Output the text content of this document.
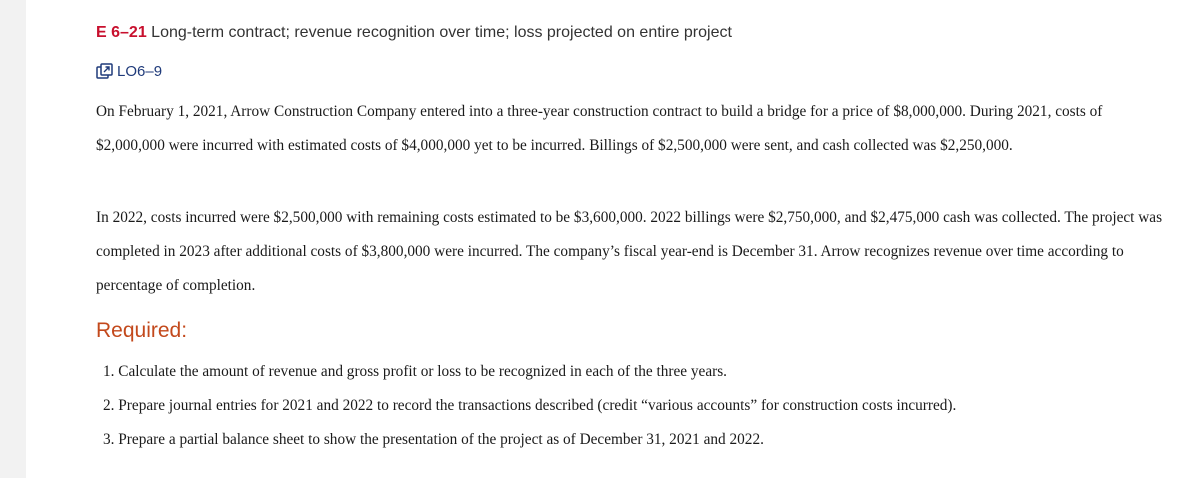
E 6–21 Long-term contract; revenue recognition over time; loss projected on entire project
LO6–9

On February 1, 2021, Arrow Construction Company entered into a three-year construction contract to build a bridge for a price of $8,000,000. During 2021, costs of $2,000,000 were incurred with estimated costs of $4,000,000 yet to be incurred. Billings of $2,500,000 were sent, and cash collected was $2,250,000.

In 2022, costs incurred were $2,500,000 with remaining costs estimated to be $3,600,000. 2022 billings were $2,750,000, and $2,475,000 cash was collected. The project was completed in 2023 after additional costs of $3,800,000 were incurred. The company’s fiscal year-end is December 31. Arrow recognizes revenue over time according to percentage of completion.

Required:
1. Calculate the amount of revenue and gross profit or loss to be recognized in each of the three years.
2. Prepare journal entries for 2021 and 2022 to record the transactions described (credit “various accounts” for construction costs incurred).
3. Prepare a partial balance sheet to show the presentation of the project as of December 31, 2021 and 2022.
